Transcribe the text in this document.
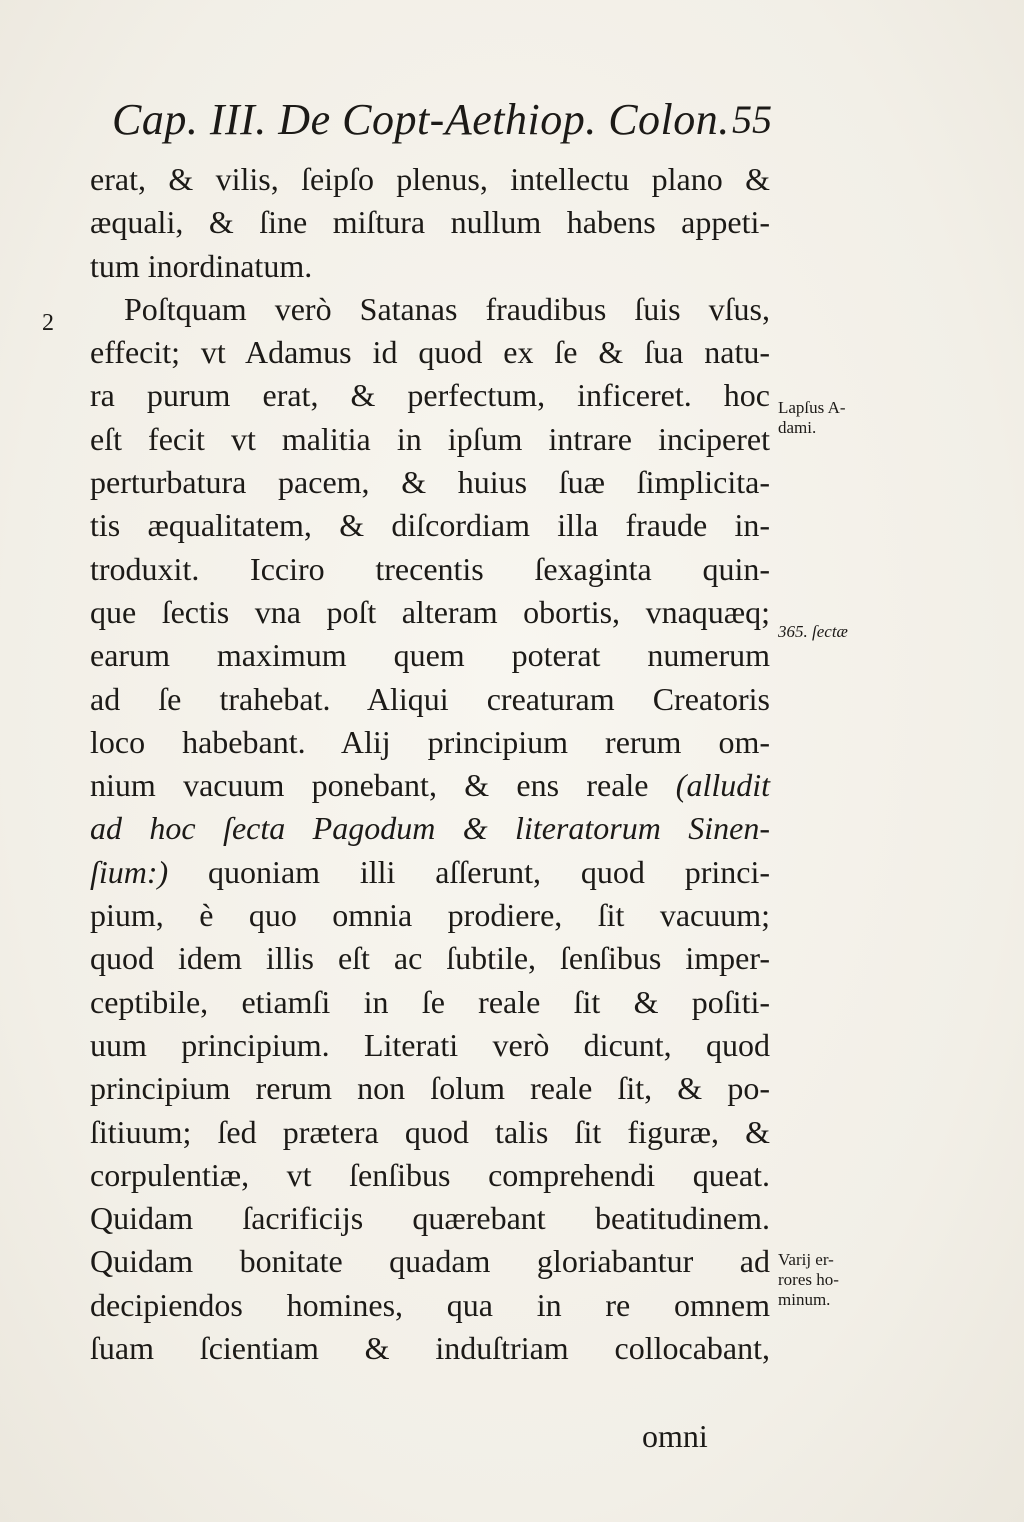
Cap. III. De Copt-Aethiop. Colon. 55
2
erat, & vilis, ſeipſo plenus, intellectu plano &
æquali, & ſine miſtura nullum habens appeti-
tum inordinatum.
Poſtquam verò Satanas fraudibus ſuis vſus,
effecit; vt Adamus id quod ex ſe & ſua natu-
ra purum erat, & perfectum, inficeret. hoc
eſt fecit vt malitia in ipſum intrare inciperet
perturbatura pacem, & huius ſuæ ſimplicita-
tis æqualitatem, & diſcordiam illa fraude in-
troduxit. Icciro trecentis ſexaginta quin-
que ſectis vna poſt alteram obortis, vnaquæq;
earum maximum quem poterat numerum
ad ſe trahebat. Aliqui creaturam Creatoris
loco habebant. Alij principium rerum om-
nium vacuum ponebant, & ens reale (alludit
ad hoc ſecta Pagodum & literatorum Sinen-
ſium:) quoniam illi aſſerunt, quod princi-
pium, è quo omnia prodiere, ſit vacuum;
quod idem illis eſt ac ſubtile, ſenſibus imper-
ceptibile, etiamſi in ſe reale ſit & poſiti-
uum principium. Literati verò dicunt, quod
principium rerum non ſolum reale ſit, & po-
ſitiuum; ſed prætera quod talis ſit figuræ, &
corpulentiæ, vt ſenſibus comprehendi queat.
Quidam ſacrificijs quærebant beatitudinem.
Quidam bonitate quadam gloriabantur ad
decipiendos homines, qua in re omnem
ſuam ſcientiam & induſtriam collocabant,
Lapſus A-
dami.
365. ſectæ
Varij er-
rores ho-
minum.
omni
